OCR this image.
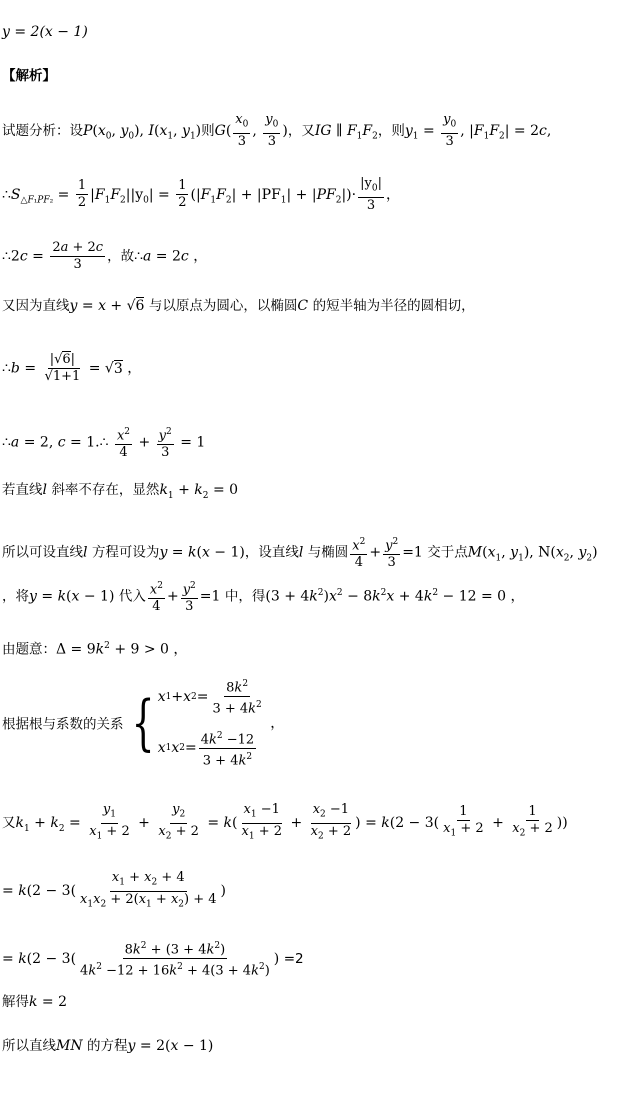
y = 2(x − 1)
【解析】
试题分析：设$P(x_0$, $y_0$), $I(x_1$, $y_1$)则$G( \frac{x_0}{3}$ , $\frac{y_0}{3}$ )，又IG ∥ $F_1F_2$，则$y_1 = \frac{y_0}{3}$ , $|F_1F_2| = 2c$,
$\therefore S_{\triangle F_1PF_2} = \frac{1}{2} |F_1F_2||y_0| = \frac{1}{2} (|F_1F_2| + |PF_1| + |PF_2|)\cdot \frac{|y_0|}{3}$ ，
∴2c = $\frac{2a + 2c}{3}$ ，故∴a = 2c ，
又因为直线y = x + √6 与以原点为圆心，以椭圆C 的短半轴为半径的圆相切，
∴b = $\frac{|√6|}{√1+1} = √3$ ，
∴a = 2, c = 1.∴ $\frac{x^2}{4} + \frac{y^2}{3} = 1$
若直线l 斜率不存在，显然$k_1 + k_2 = 0$
所以可设直线l 方程可设为y = k(x − 1)，设直线l 与椭圆 $\frac{x^2}{4} + \frac{y^2}{3} =1$ 交于点$M(x_1$, $y_1$), $N(x_2$, $y_2$)
，将y = k(x − 1) 代入 $\frac{x^2}{4} + \frac{y^2}{3} =1$ 中，得$(3 + 4k^2)x^2 - 8k^2x + 4k^2 - 12 = 0$ ，
由题意：$\Delta = 9k^2 + 9 > 0$ ，
根据根与系数的关系 { x 1 + x $2 = \frac{8k^2}{3 + 4k^2}$
x 1 x $2 = \frac{4k^2 -12}{3 + 4k^2}$
，
又$k_1 + k_2 = \frac{y_1}{x_1 + 2} + \frac{y_2}{x_2 + 2} = k( \frac{x_1 -1}{x_1 + 2} + \frac{x_2 -1}{x_2 + 2}$ ) = $k(2 - 3( \frac{1}{x_1 + 2} + \frac{1}{x_2 + 2}$ ))
= $k(2 - 3( \frac{x_1 + x_2 + 4}{x_1x_2 + 2(x_1 + x_2) + 4}$ )
= $k(2 - 3( \frac{8k^2 + (3 + 4k^2)}{4k^2 -12 + 16k^2 + 4(3 + 4k^2)}$ ) =2
解得k = 2
所以直线MN 的方程y = 2(x − 1)
